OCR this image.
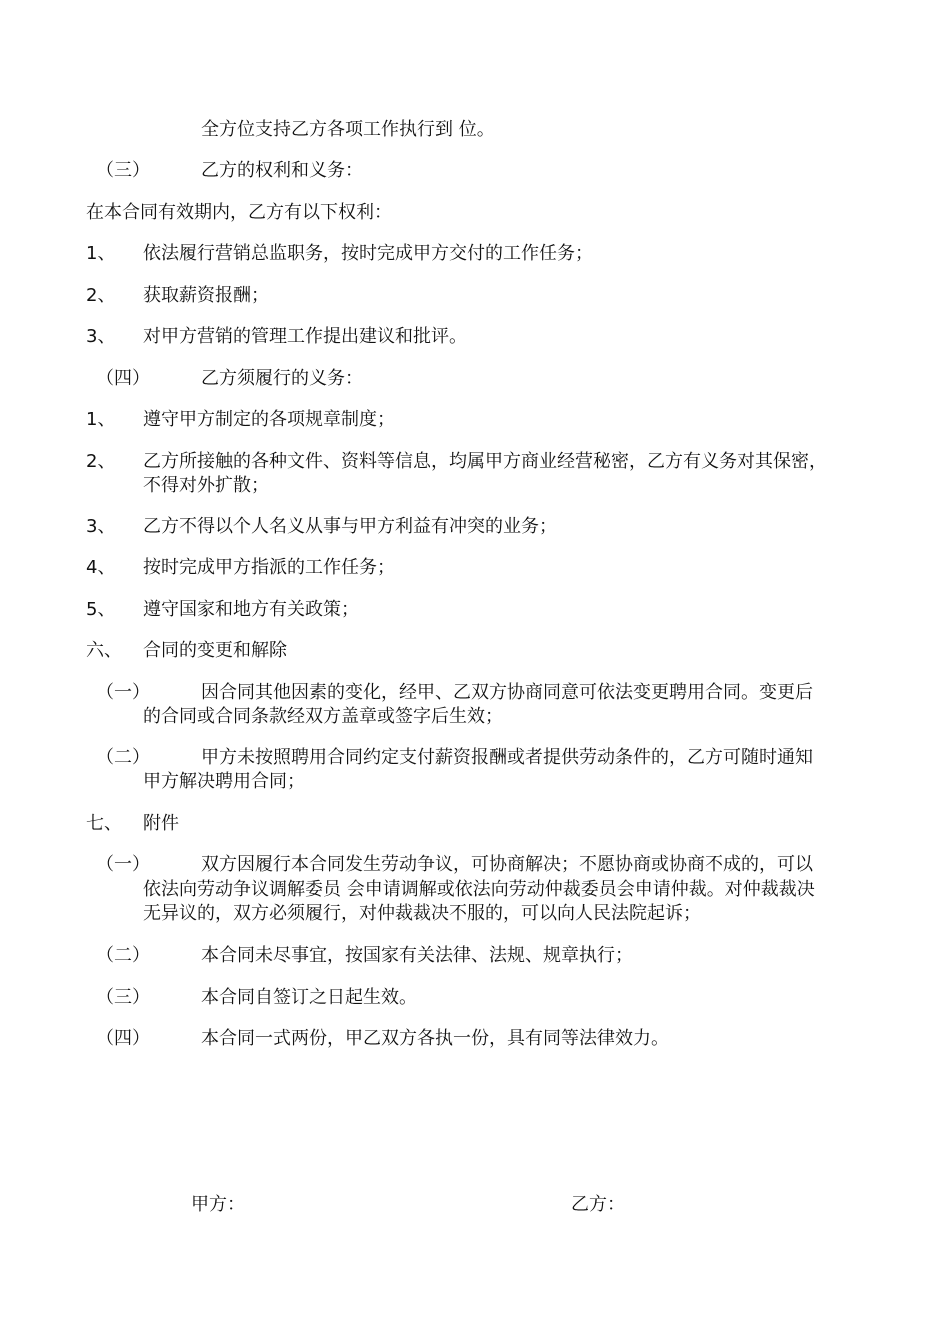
全方位支持乙方各项工作执行到 位。
（三）	乙方的权利和义务：
在本合同有效期内，乙方有以下权利：
1、 依法履行营销总监职务，按时完成甲方交付的工作任务；
2、 获取薪资报酬；
3、 对甲方营销的管理工作提出建议和批评。
（四）	乙方须履行的义务：
1、 遵守甲方制定的各项规章制度；
2、 乙方所接触的各种文件、资料等信息，均属甲方商业经营秘密，乙方有义务对其保密，
不得对外扩散；
3、 乙方不得以个人名义从事与甲方利益有冲突的业务；
4、 按时完成甲方指派的工作任务；
5、 遵守国家和地方有关政策；
六、 合同的变更和解除
（一）	因合同其他因素的变化，经甲、乙双方协商同意可依法变更聘用合同。变更后
的合同或合同条款经双方盖章或签字后生效；
（二）	甲方未按照聘用合同约定支付薪资报酬或者提供劳动条件的，乙方可随时通知
甲方解决聘用合同；
七、 附件
（一）	双方因履行本合同发生劳动争议，可协商解决；不愿协商或协商不成的，可以
依法向劳动争议调解委员 会申请调解或依法向劳动仲裁委员会申请仲裁。对仲裁裁决
无异议的，双方必须履行，对仲裁裁决不服的，可以向人民法院起诉；
（二）	本合同未尽事宜，按国家有关法律、法规、规章执行；
（三）	本合同自签订之日起生效。
（四）	本合同一式两份，甲乙双方各执一份，具有同等法律效力。
甲方：	乙方：
